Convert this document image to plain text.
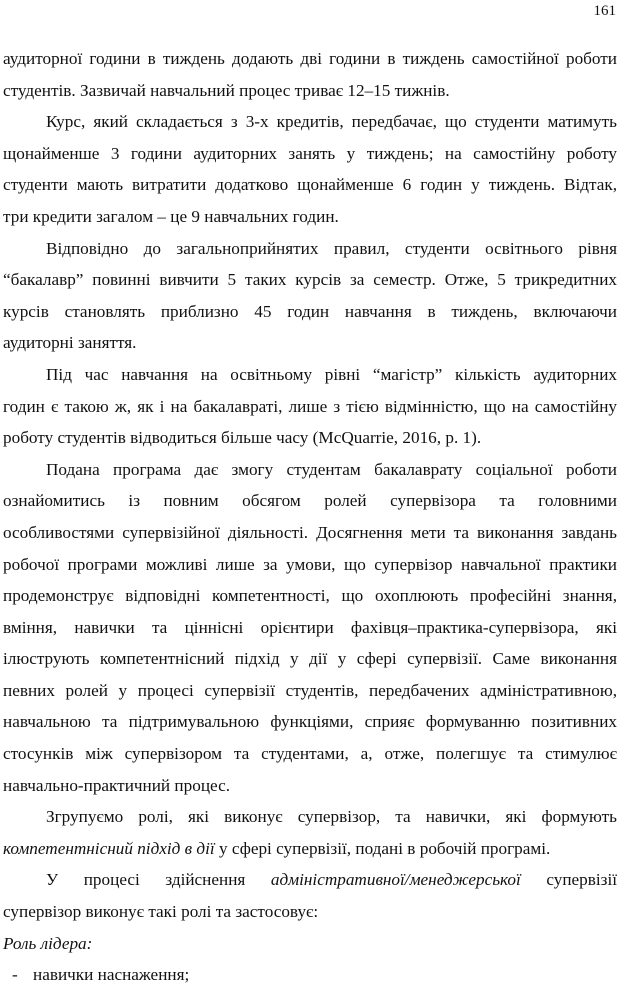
161

аудиторної години в тиждень додають дві години в тиждень самостійної роботи
студентів. Зазвичай навчальний процес триває 12–15 тижнів.

Курс, який складається з 3-х кредитів, передбачає, що студенти матимуть
щонайменше 3 години аудиторних занять у тиждень; на самостійну роботу
студенти мають витратити додатково щонайменше 6 годин у тиждень. Відтак,
три кредити загалом – це 9 навчальних годин.

Відповідно до загальноприйнятих правил, студенти освітнього рівня
“бакалавр” повинні вивчити 5 таких курсів за семестр. Отже, 5 трикредитних
курсів становлять приблизно 45 годин навчання в тиждень, включаючи
аудиторні заняття.

Під час навчання на освітньому рівні “магістр” кількість аудиторних
годин є такою ж, як і на бакалавраті, лише з тією відмінністю, що на самостійну
роботу студентів відводиться більше часу (McQuarrie, 2016, p. 1).

Подана програма дає змогу студентам бакалаврату соціальної роботи
ознайомитись із повним обсягом ролей супервізора та головними
особливостями супервізійної діяльності. Досягнення мети та виконання завдань
робочої програми можливі лише за умови, що супервізор навчальної практики
продемонструє відповідні компетентності, що охоплюють професійні знання,
вміння, навички та ціннісні орієнтири фахівця–практика-супервізора, які
ілюструють компетентнісний підхід у дії у сфері супервізії. Саме виконання
певних ролей у процесі супервізії студентів, передбачених адміністративною,
навчальною та підтримувальною функціями, сприяє формуванню позитивних
стосунків між супервізором та студентами, а, отже, полегшує та стимулює
навчально-практичний процес.

Згрупуємо ролі, які виконує супервізор, та навички, які формують
компетентнісний підхід в дії у сфері супервізії, подані в робочій програмі.

У процесі здійснення адміністративної/менеджерської супервізії
супервізор виконує такі ролі та застосовує:

Роль лідера:

- навички наснаження;
